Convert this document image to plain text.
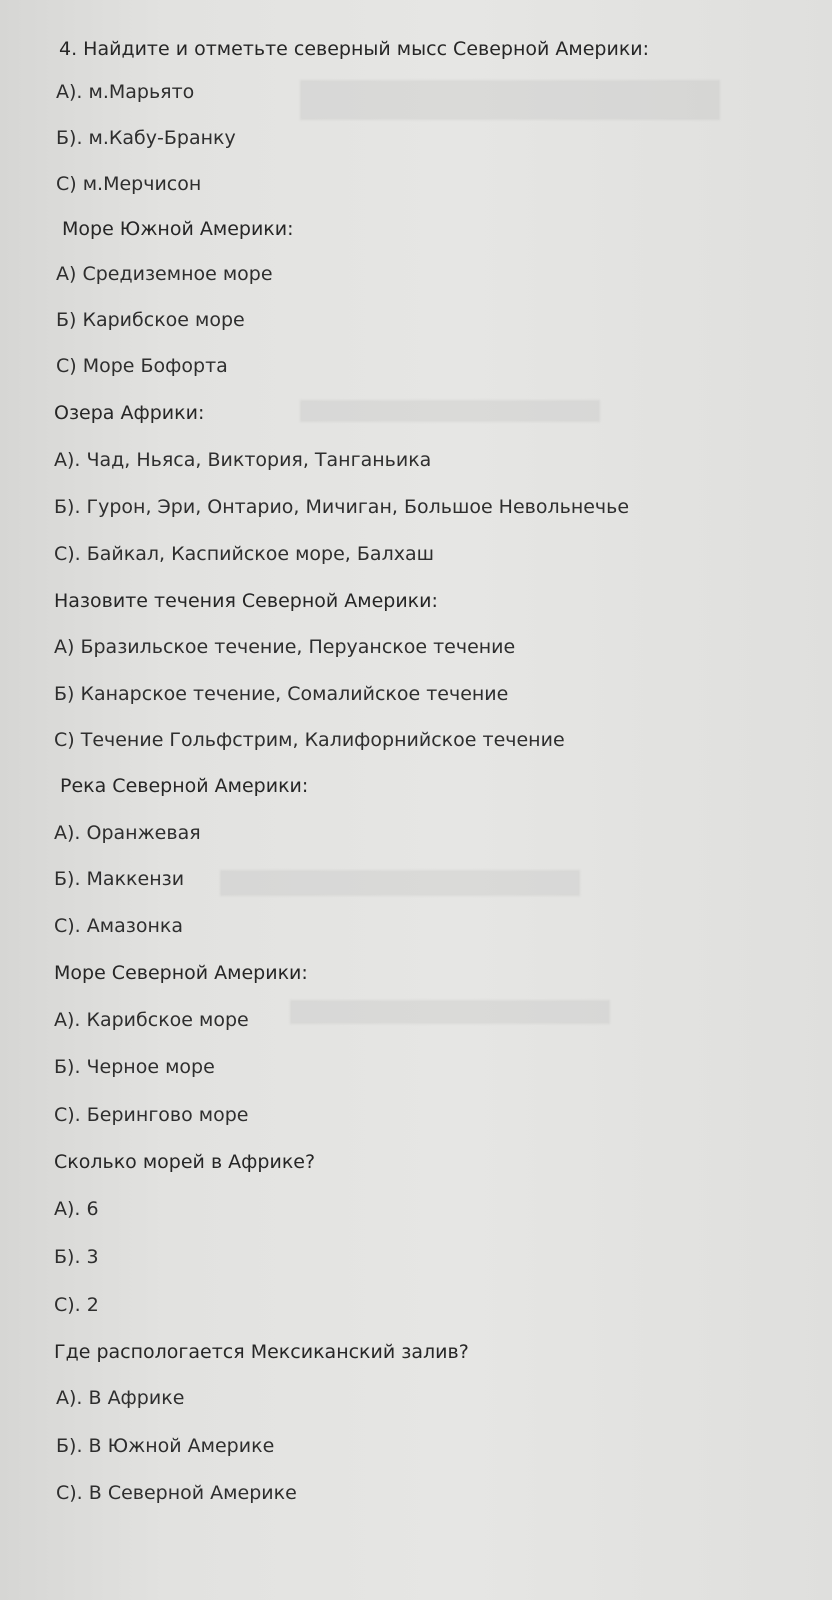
4. Найдите и отметьте северный мысс Северной Америки:
А). м.Марьято
Б). м.Кабу-Бранку
С) м.Мерчисон
Море Южной Америки:
А) Средиземное море
Б) Карибское море
С) Море Бофорта
Озера Африки:
А). Чад, Ньяса, Виктория, Танганьика
Б). Гурон, Эри, Онтарио, Мичиган, Большое Невольнечье
С). Байкал, Каспийское море, Балхаш
Назовите течения Северной Америки:
А) Бразильское течение, Перуанское течение
Б) Канарское течение, Сомалийское течение
С) Течение Гольфстрим, Калифорнийское течение
Река Северной Америки:
А). Оранжевая
Б). Маккензи
С). Амазонка
Море Северной Америки:
А). Карибское море
Б). Черное море
С). Берингово море
Сколько морей в Африке?
А). 6
Б). 3
С). 2
Где распологается Мексиканский залив?
А). В Африке
Б). В Южной Америке
С). В Северной Америке
